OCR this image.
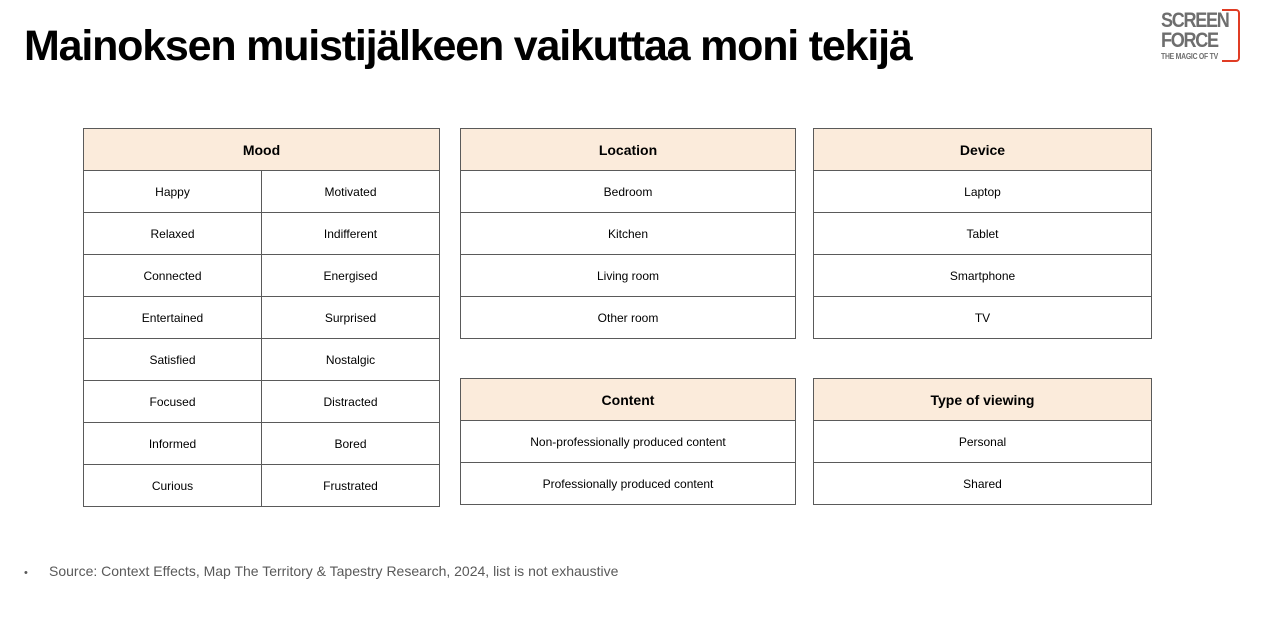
Mainoksen muistijälkeen vaikuttaa moni tekijä
SCREEN
FORCE
THE MAGIC OF TV
Mood	
Happy	Motivated
Relaxed	Indifferent
Connected	Energised
Entertained	Surprised
Satisfied	Nostalgic
Focused	Distracted
Informed	Bored
Curious	Frustrated
Location
Bedroom
Kitchen
Living room
Other room
Device
Laptop
Tablet
Smartphone
TV
Content
Non-professionally produced content
Professionally produced content
Type of viewing
Personal
Shared
• Source: Context Effects, Map The Territory & Tapestry Research, 2024, list is not exhaustive
